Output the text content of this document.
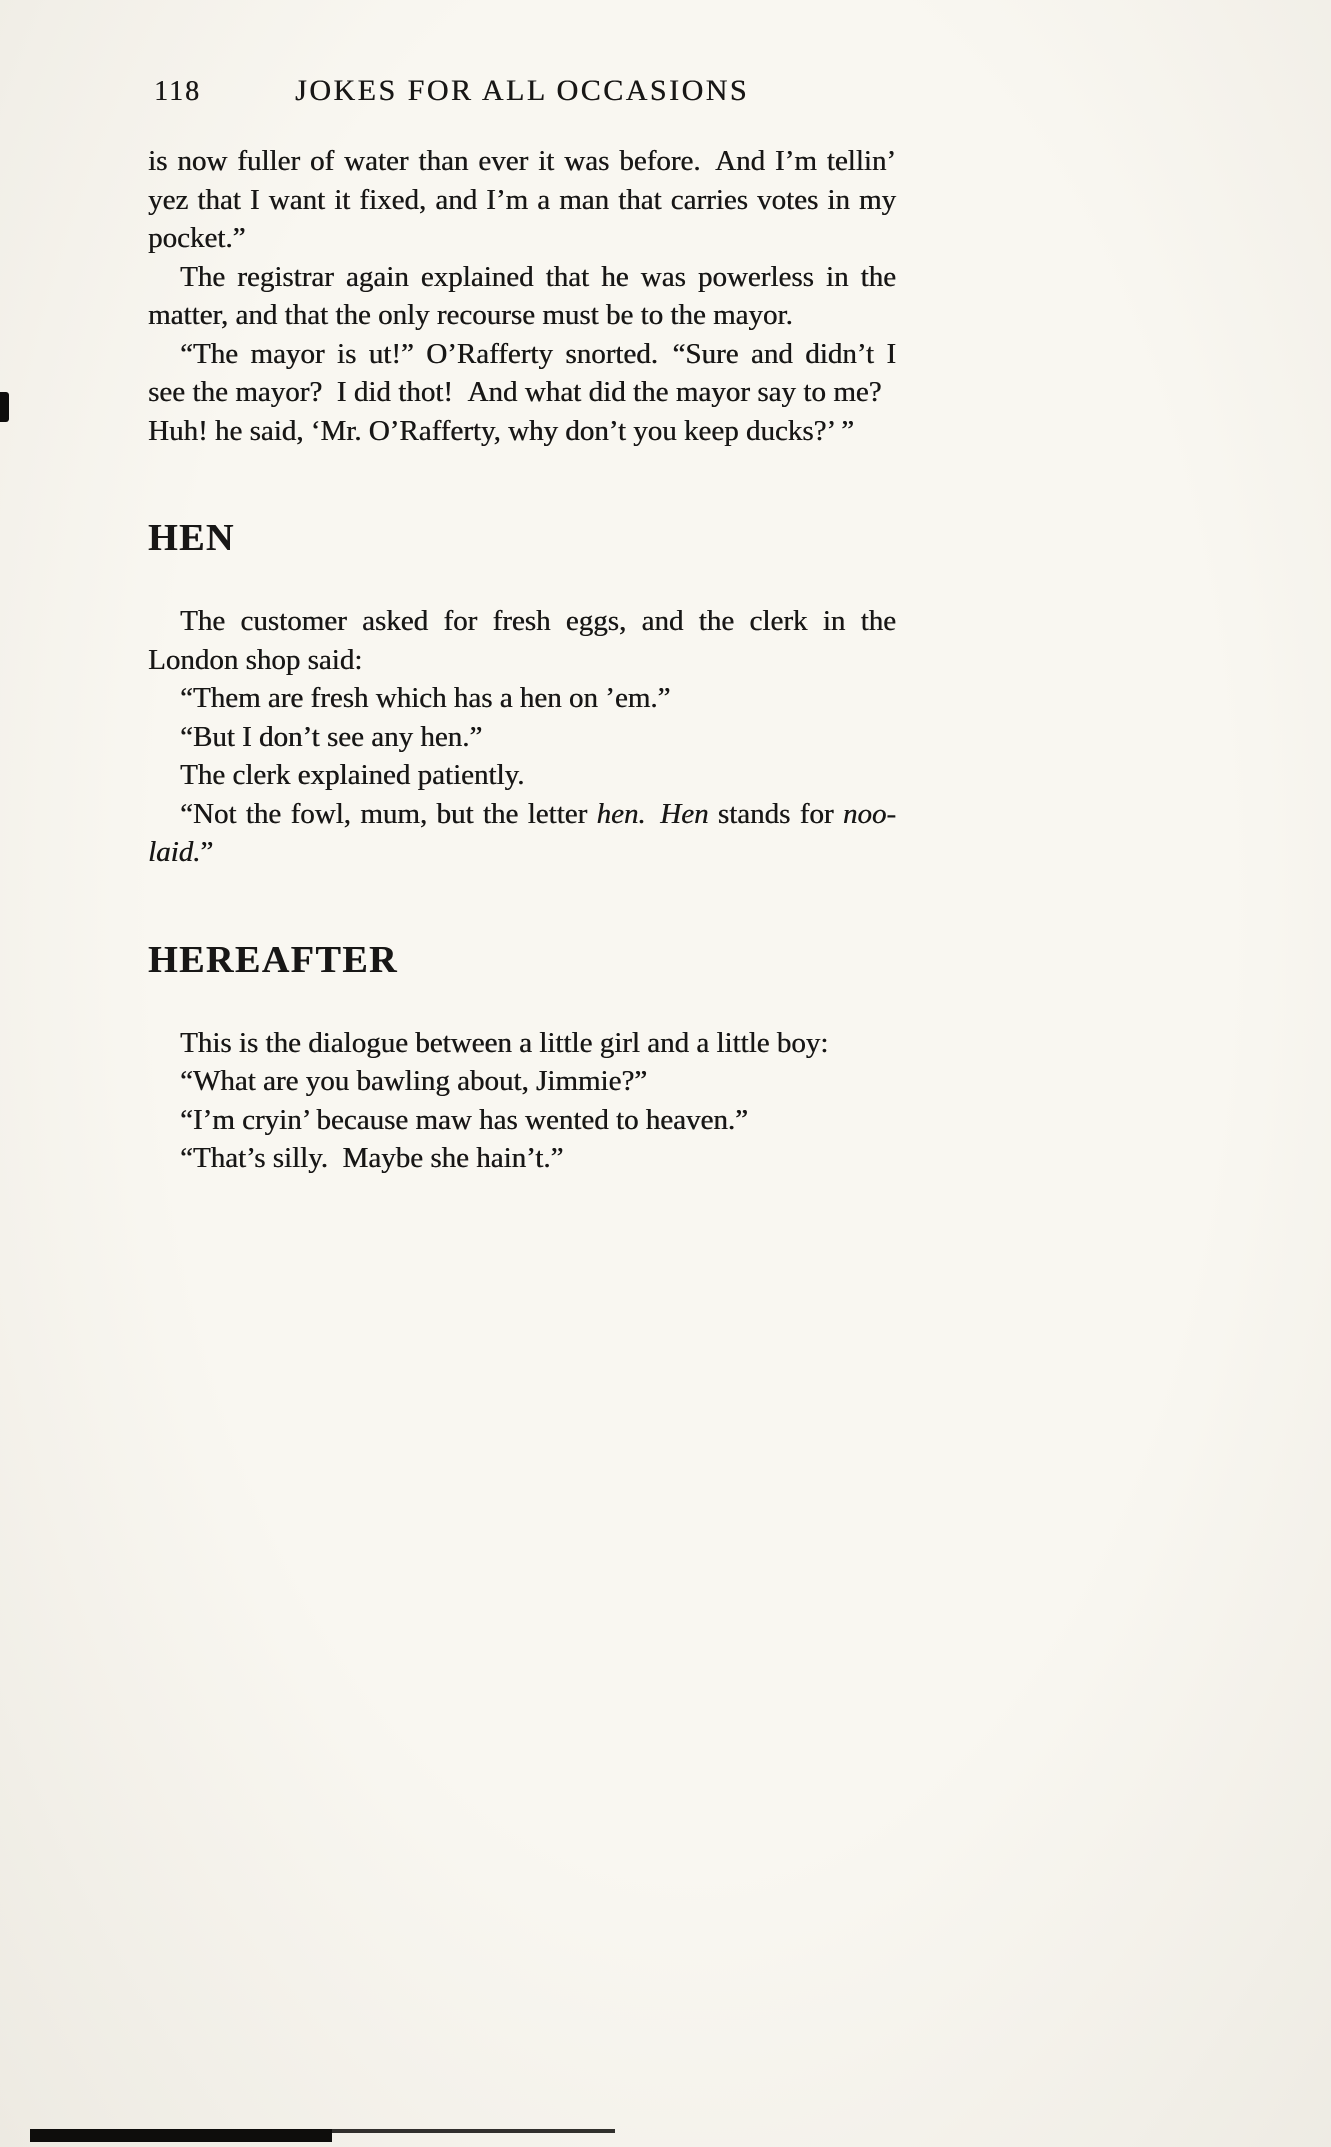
118	JOKES FOR ALL OCCASIONS

is now fuller of water than ever it was before. And I’m tellin’ yez that I want it fixed, and I’m a man that carries votes in my pocket.”

The registrar again explained that he was powerless in the matter, and that the only recourse must be to the mayor.

“The mayor is ut!” O’Rafferty snorted. “Sure and didn’t I see the mayor? I did thot! And what did the mayor say to me? Huh! he said, ‘Mr. O’Rafferty, why don’t you keep ducks?’ ”

HEN

The customer asked for fresh eggs, and the clerk in the London shop said:

“Them are fresh which has a hen on ’em.”

“But I don’t see any hen.”

The clerk explained patiently.

“Not the fowl, mum, but the letter hen.  Hen stands for noo-laid.”

HEREAFTER

This is the dialogue between a little girl and a little boy:

“What are you bawling about, Jimmie?”

“I’m cryin’ because maw has wented to heaven.”

“That’s silly. Maybe she hain’t.”
